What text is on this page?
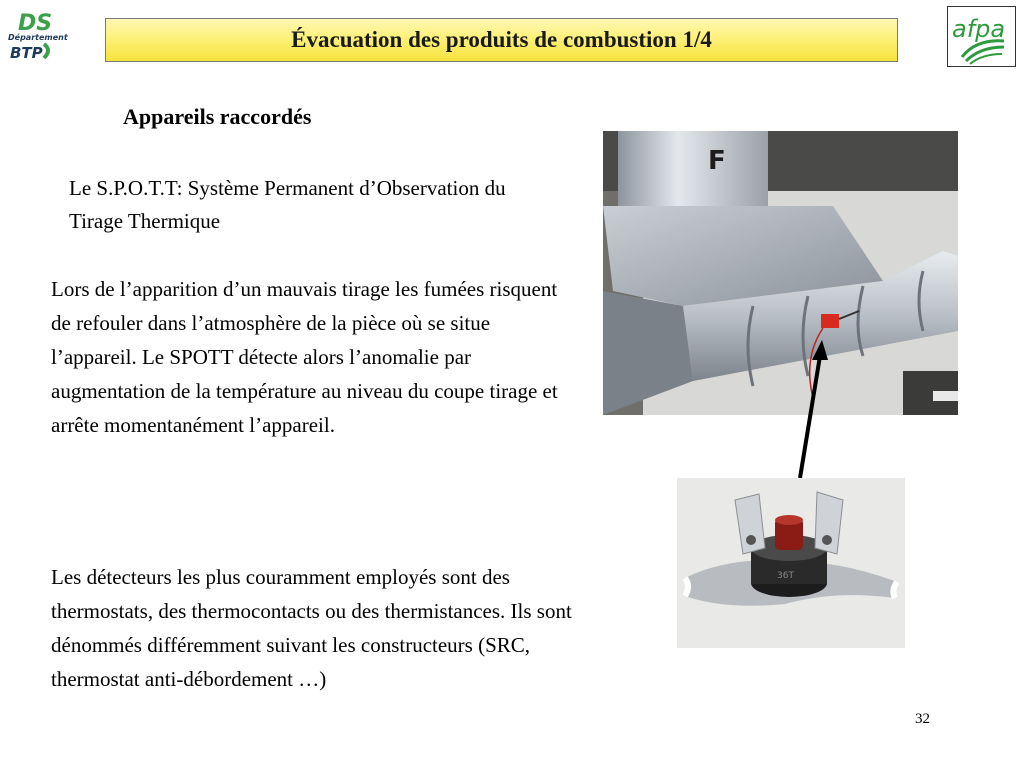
DS
Département
BTP
Évacuation des produits de combustion 1/4	afpa
Appareils raccordés
Le S.P.O.T.T: Système Permanent d’Observation du Tirage Thermique
Lors de l’apparition d’un mauvais tirage les fumées risquent de refouler dans l’atmosphère de la pièce où se situe l’appareil. Le SPOTT détecte alors l’anomalie par augmentation de la température au niveau du coupe tirage et arrête momentanément l’appareil.
Les détecteurs les plus couramment employés sont des thermostats, des thermocontacts ou des thermistances. Ils sont dénommés différemment suivant les constructeurs (SRC, thermostat anti-débordement …)
F
36T
32
